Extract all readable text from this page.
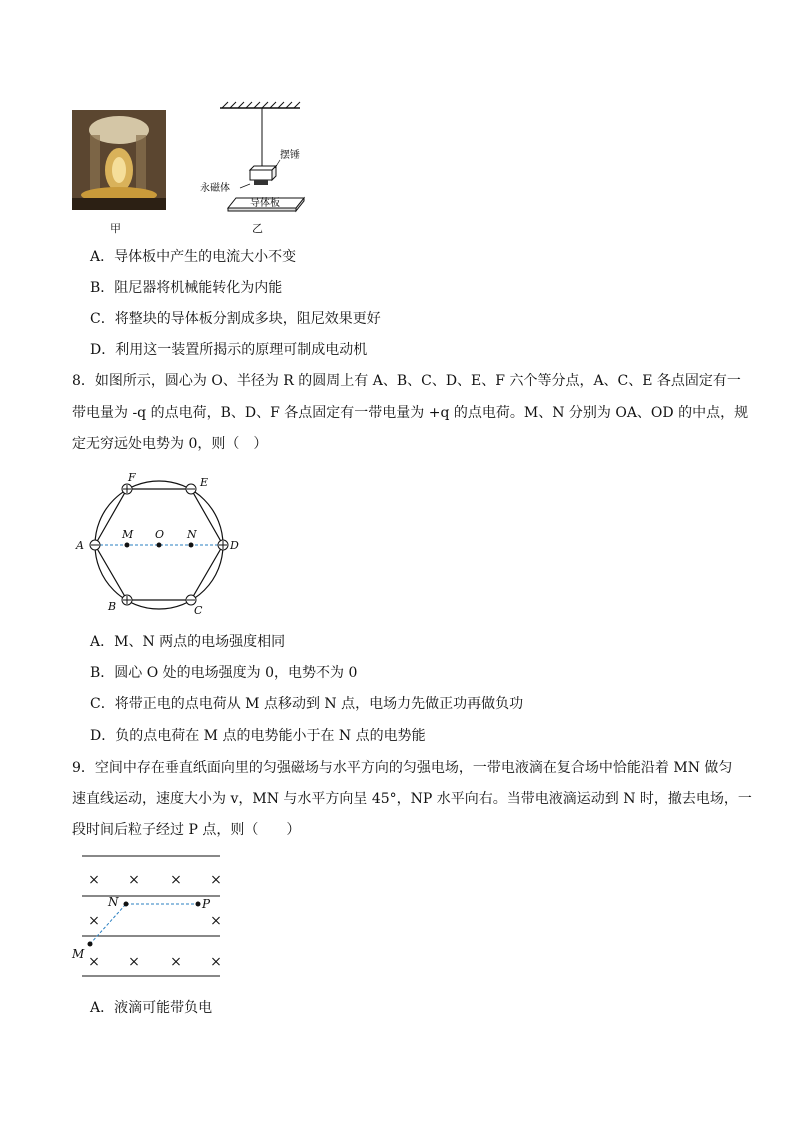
甲
摆锤
永磁体
导体板
乙
A．导体板中产生的电流大小不变
B．阻尼器将机械能转化为内能
C．将整块的导体板分割成多块，阻尼效果更好
D．利用这一装置所揭示的原理可制成电动机
8．如图所示，圆心为 O、半径为 R 的圆周上有 A、B、C、D、E、F 六个等分点，A、C、E 各点固定有一
带电量为 -q 的点电荷，B、D、F 各点固定有一带电量为 +q 的点电荷。M、N 分别为 OA、OD 的中点，规
定无穷远处电势为 0，则（　）
A
B	C
D
E
F
M O N
A．M、N 两点的电场强度相同
B．圆心 O 处的电场强度为 0，电势不为 0
C．将带正电的点电荷从 M 点移动到 N 点，电场力先做正功再做负功
D．负的点电荷在 M 点的电势能小于在 N 点的电势能
9．空间中存在垂直纸面向里的匀强磁场与水平方向的匀强电场，一带电液滴在复合场中恰能沿着 MN 做匀
速直线运动，速度大小为 v，MN 与水平方向呈 45°，NP 水平向右。当带电液滴运动到 N 时，撤去电场，一
段时间后粒子经过 P 点，则（　　）
× × × ×
×	×
× × × ×
M
N	P
A．液滴可能带负电
